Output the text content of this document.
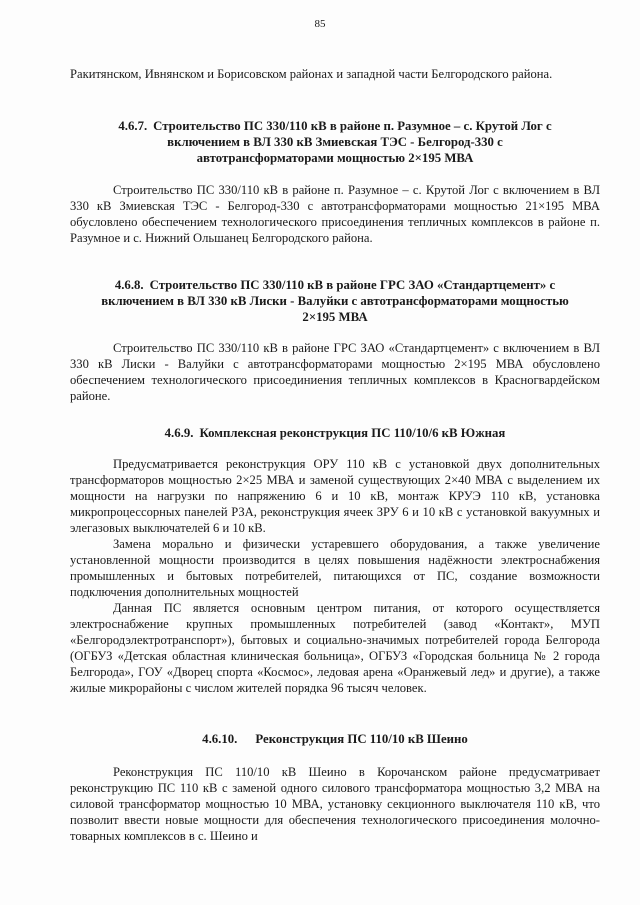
85

Ракитянском, Ивнянском и Борисовском районах и западной части Белгородского района.

4.6.7. Строительство ПС 330/110 кВ в районе п. Разумное – с. Крутой Лог с включением в ВЛ 330 кВ Змиевская ТЭС - Белгород-330 с автотрансформаторами мощностью 2×195 МВА

Строительство ПС 330/110 кВ в районе п. Разумное – с. Крутой Лог с включением в ВЛ 330 кВ Змиевская ТЭС - Белгород-330 с автотрансформаторами мощностью 21×195 МВА обусловлено обеспечением технологического присоединения тепличных комплексов в районе п. Разумное и с. Нижний Ольшанец Белгородского района.

4.6.8. Строительство ПС 330/110 кВ в районе ГРС ЗАО «Стандартцемент» с включением в ВЛ 330 кВ Лиски - Валуйки с автотрансформаторами мощностью 2×195 МВА

Строительство ПС 330/110 кВ в районе ГРС ЗАО «Стандартцемент» с включением в ВЛ 330 кВ Лиски - Валуйки с автотрансформаторами мощностью 2×195 МВА обусловлено обеспечением технологического присоединиения тепличных комплексов в Красногвардейском районе.

4.6.9. Комплексная реконструкция ПС 110/10/6 кВ Южная

Предусматривается реконструкция ОРУ 110 кВ с установкой двух дополнительных трансформаторов мощностью 2×25 МВА и заменой существующих 2×40 МВА с выделением их мощности на нагрузки по напряжению 6 и 10 кВ, монтаж КРУЭ 110 кВ, установка микропроцессорных панелей РЗА, реконструкция ячеек ЗРУ 6 и 10 кВ с установкой вакуумных и элегазовых выключателей 6 и 10 кВ.

Замена морально и физически устаревшего оборудования, а также увеличение установленной мощности производится в целях повышения надёжности электроснабжения промышленных и бытовых потребителей, питающихся от ПС, создание возможности подключения дополнительных мощностей

Данная ПС является основным центром питания, от которого осуществляется электроснабжение крупных промышленных потребителей (завод «Контакт», МУП «Белгородэлектротранспорт»), бытовых и социально-значимых потребителей города Белгорода (ОГБУЗ «Детская областная клиническая больница», ОГБУЗ «Городская больница № 2 города Белгорода», ГОУ «Дворец спорта «Космос», ледовая арена «Оранжевый лед» и другие), а также жилые микрорайоны с числом жителей порядка 96 тысяч человек.

4.6.10. Реконструкция ПС 110/10 кВ Шеино

Реконструкция ПС 110/10 кВ Шеино в Корочанском районе предусматривает реконструкцию ПС 110 кВ с заменой одного силового трансформатора мощностью 3,2 МВА на силовой трансформатор мощностью 10 МВА, установку секционного выключателя 110 кВ, что позволит ввести новые мощности для обеспечения технологического присоединения молочно-товарных комплексов в с. Шеино и
